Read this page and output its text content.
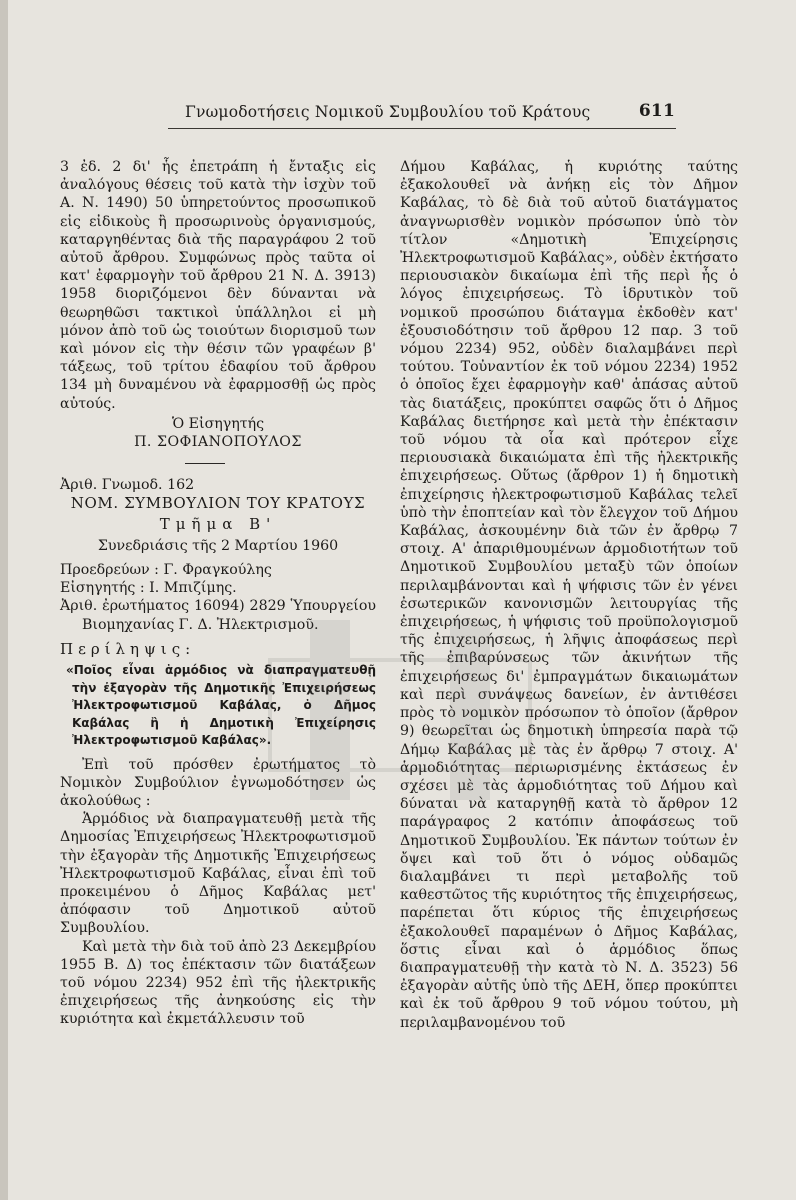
Γνωμοδοτήσεις Νομικοῦ Συμβουλίου τοῦ Κράτους	611

3 ἐδ. 2 δι' ἧς ἐπετράπη ἡ ἔνταξις εἰς ἀναλόγους θέσεις τοῦ κατὰ τὴν ἰσχὺν τοῦ Α. Ν. 1490) 50 ὑπηρετούντος προσωπικοῦ εἰς εἰδικοὺς ἢ προσωρινοὺς ὀργανισμούς, καταργηθέντας διὰ τῆς παραγράφου 2 τοῦ αὐτοῦ ἄρθρου. Συμφώνως πρὸς ταῦτα οἱ κατ' ἐφαρμογὴν τοῦ ἄρθρου 21 Ν. Δ. 3913) 1958 διοριζόμενοι δὲν δύνανται νὰ θεωρηθῶσι τακτικοὶ ὑπάλληλοι εἰ μὴ μόνον ἀπὸ τοῦ ὡς τοιούτων διορισμοῦ των καὶ μόνον εἰς τὴν θέσιν τῶν γραφέων β' τάξεως, τοῦ τρίτου ἐδαφίου τοῦ ἄρθρου 134 μὴ δυναμένου νὰ ἐφαρμοσθῇ ὡς πρὸς αὐτούς.

Ὁ Εἰσηγητής

Π. ΣΟΦΙΑΝΟΠΟΥΛΟΣ

Ἀριθ. Γνωμοδ. 162

ΝΟΜ. ΣΥΜΒΟΥΛΙΟΝ ΤΟΥ ΚΡΑΤΟΥΣ

Τμῆμα Β'

Συνεδριάσις τῆς 2 Μαρτίου 1960

Προεδρεύων : Γ. Φραγκούλης

Εἰσηγητής : Ι. Μπιζίμης.

Ἀριθ. ἐρωτήματος 16094) 2829 Ὑπουργείου Βιομηχανίας Γ. Δ. Ἠλεκτρισμοῦ.

Περίληψις:

«Ποῖος εἶναι ἁρμόδιος νὰ διαπραγματευθῇ τὴν ἐξαγορὰν τῆς Δημοτικῆς Ἐπιχειρήσεως Ἠλεκτροφωτισμοῦ Καβάλας, ὁ Δῆμος Καβάλας ἢ ἡ Δημοτικὴ Ἐπιχείρησις Ἠλεκτροφωτισμοῦ Καβάλας».

Ἐπὶ τοῦ πρόσθεν ἐρωτήματος τὸ Νομικὸν Συμβούλιον ἐγνωμοδότησεν ὡς ἀκολούθως :

Ἁρμόδιος νὰ διαπραγματευθῇ μετὰ τῆς Δημοσίας Ἐπιχειρήσεως Ἠλεκτροφωτισμοῦ τὴν ἐξαγορὰν τῆς Δημοτικῆς Ἐπιχειρήσεως Ἠλεκτροφωτισμοῦ Καβάλας, εἶναι ἐπὶ τοῦ προκειμένου ὁ Δῆμος Καβάλας μετ' ἀπόφασιν τοῦ Δημοτικοῦ αὐτοῦ Συμβουλίου.

Καὶ μετὰ τὴν διὰ τοῦ ἀπὸ 23 Δεκεμβρίου 1955 Β. Δ) τος ἐπέκτασιν τῶν διατάξεων τοῦ νόμου 2234) 952 ἐπὶ τῆς ἠλεκτρικῆς ἐπιχειρήσεως τῆς ἀνηκούσης εἰς τὴν κυριότητα καὶ ἐκμετάλλευσιν τοῦ

Δήμου Καβάλας, ἡ κυριότης ταύτης ἐξακολουθεῖ νὰ ἀνήκῃ εἰς τὸν Δῆμον Καβάλας, τὸ δὲ διὰ τοῦ αὐτοῦ διατάγματος ἀναγνωρισθὲν νομικὸν πρόσωπον ὑπὸ τὸν τίτλον «Δημοτικὴ Ἐπιχείρησις Ἠλεκτροφωτισμοῦ Καβάλας», οὐδὲν ἐκτήσατο περιουσιακὸν δικαίωμα ἐπὶ τῆς περὶ ἧς ὁ λόγος ἐπιχειρήσεως. Τὸ ἱδρυτικὸν τοῦ νομικοῦ προσώπου διάταγμα ἐκδοθὲν κατ' ἐξουσιοδότησιν τοῦ ἄρθρου 12 παρ. 3 τοῦ νόμου 2234) 952, οὐδὲν διαλαμβάνει περὶ τούτου. Τοὐναντίον ἐκ τοῦ νόμου 2234) 1952 ὁ ὁποῖος ἔχει ἐφαρμογὴν καθ' ἁπάσας αὐτοῦ τὰς διατάξεις, προκύπτει σαφῶς ὅτι ὁ Δῆμος Καβάλας διετήρησε καὶ μετὰ τὴν ἐπέκτασιν τοῦ νόμου τὰ οἷα καὶ πρότερον εἶχε περιουσιακὰ δικαιώματα ἐπὶ τῆς ἠλεκτρικῆς ἐπιχειρήσεως. Οὕτως (ἄρθρον 1) ἡ δημοτικὴ ἐπιχείρησις ἠλεκτροφωτισμοῦ Καβάλας τελεῖ ὑπὸ τὴν ἐποπτείαν καὶ τὸν ἔλεγχον τοῦ Δήμου Καβάλας, ἀσκουμένην διὰ τῶν ἐν ἄρθρῳ 7 στοιχ. Α' ἀπαριθμουμένων ἁρμοδιοτήτων τοῦ Δημοτικοῦ Συμβουλίου μεταξὺ τῶν ὁποίων περιλαμβάνονται καὶ ἡ ψήφισις τῶν ἐν γένει ἐσωτερικῶν κανονισμῶν λειτουργίας τῆς ἐπιχειρήσεως, ἡ ψήφισις τοῦ προϋπολογισμοῦ τῆς ἐπιχειρήσεως, ἡ λῆψις ἀποφάσεως περὶ τῆς ἐπιβαρύνσεως τῶν ἀκινήτων τῆς ἐπιχειρήσεως δι' ἐμπραγμάτων δικαιωμάτων καὶ περὶ συνάψεως δανείων, ἐν ἀντιθέσει πρὸς τὸ νομικὸν πρόσωπον τὸ ὁποῖον (ἄρθρον 9) θεωρεῖται ὡς δημοτικὴ ὑπηρεσία παρὰ τῷ Δήμῳ Καβάλας μὲ τὰς ἐν ἄρθρῳ 7 στοιχ. Α' ἁρμοδιότητας περιωρισμένης ἐκτάσεως ἐν σχέσει μὲ τὰς ἁρμοδιότητας τοῦ Δήμου καὶ δύναται νὰ καταργηθῇ κατὰ τὸ ἄρθρον 12 παράγραφος 2 κατόπιν ἀποφάσεως τοῦ Δημοτικοῦ Συμβουλίου. Ἐκ πάντων τούτων ἐν ὄψει καὶ τοῦ ὅτι ὁ νόμος οὐδαμῶς διαλαμβάνει τι περὶ μεταβολῆς τοῦ καθεστῶτος τῆς κυριότητος τῆς ἐπιχειρήσεως, παρέπεται ὅτι κύριος τῆς ἐπιχειρήσεως ἐξακολουθεῖ παραμένων ὁ Δῆμος Καβάλας, ὅστις εἶναι καὶ ὁ ἁρμόδιος ὅπως διαπραγματευθῇ τὴν κατὰ τὸ Ν. Δ. 3523) 56 ἐξαγορὰν αὐτῆς ὑπὸ τῆς ΔΕΗ, ὅπερ προκύπτει καὶ ἐκ τοῦ ἄρθρου 9 τοῦ νόμου τούτου, μὴ περιλαμβανομένου τοῦ
